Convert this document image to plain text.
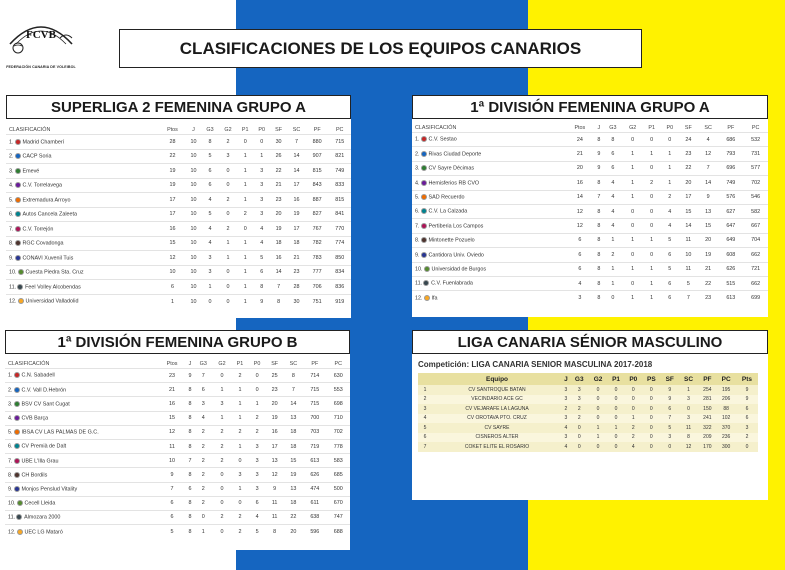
FCVB
FEDERACIÓN CANARIA DE VOLEIBOL
CLASIFICACIONES DE LOS EQUIPOS CANARIOS
SUPERLIGA 2 FEMENINA GRUPO A
CLASIFICACIÓN	Ptos	J	G3	G2	P1	P0	SF	SC	PF	PC
1. Madrid Chamberí	28	10	8	2	0	0	30	7	880	715
2. CACP Soria	22	10	5	3	1	1	26	14	907	821
3. Emevé	19	10	6	0	1	3	22	14	815	749
4. C.V. Torrelavega	19	10	6	0	1	3	21	17	843	833
5. Extremadura Arroyo	17	10	4	2	1	3	23	16	887	815
6. Autos Cancela Zaleeta	17	10	5	0	2	3	20	19	827	841
7. C.V. Torrejón	16	10	4	2	0	4	19	17	767	770
8. RGC Covadonga	15	10	4	1	1	4	18	18	782	774
9. CONAVI Xuvenil Tuis	12	10	3	1	1	5	16	21	783	850
10. Cuesta Piedra Sta. Cruz	10	10	3	0	1	6	14	23	777	834
11. Feel Volley Alcobendas	6	10	1	0	1	8	7	28	706	836
12. Universidad Valladolid	1	10	0	0	1	9	8	30	751	919
1ª DIVISIÓN FEMENINA GRUPO A
CLASIFICACIÓN	Ptos	J	G3	G2	P1	P0	SF	SC	PF	PC
1. C.V. Sestao	24	8	8	0	0	0	24	4	686	532
2. Rivas Ciudad Deporte	21	9	6	1	1	1	23	12	793	731
3. CV Sayre Décimas	20	9	6	1	0	1	22	7	696	577
4. Hemisferios RB CVO	16	8	4	1	2	1	20	14	749	702
5. SAD Recuerdo	14	7	4	1	0	2	17	9	576	546
6. C.V. La Calzada	12	8	4	0	0	4	15	13	627	582
7. Pertiberia Los Campos	12	8	4	0	0	4	14	15	647	667
8. Mintonette Pozuelo	6	8	1	1	1	5	11	20	649	704
9. Cantidora Univ. Oviedo	6	8	2	0	0	6	10	19	608	662
10. Universidad de Burgos	6	8	1	1	1	5	11	21	626	721
11. C.V. Fuenlabrada	4	8	1	0	1	6	5	22	515	662
12. Ifa	3	8	0	1	1	6	7	23	613	699
1ª DIVISIÓN FEMENINA GRUPO B
CLASIFICACIÓN	Ptos	J	G3	G2	P1	P0	SF	SC	PF	PC
1. C.N. Sabadell	23	9	7	0	2	0	25	8	714	630
2. C.V. Vall D.Hebrón	21	8	6	1	1	0	23	7	715	553
3. BSV CV Sant Cugat	16	8	3	3	1	1	20	14	715	698
4. CVB Barça	15	8	4	1	1	2	19	13	700	710
5. IBSA CV LAS PALMAS DE G.C.	12	8	2	2	2	2	16	18	703	702
6. CV Premià de Dalt	11	8	2	2	1	3	17	18	719	778
7. UBE L'Illa Grau	10	7	2	2	0	3	13	15	613	583
8. CH Bordils	9	8	2	0	3	3	12	19	626	685
9. Monjos Penslud Vitality	7	6	2	0	1	3	9	13	474	500
10. Cecell Lleida	6	8	2	0	0	6	11	18	611	670
11. Almozara 2000	6	8	0	2	2	4	11	22	638	747
12. UEC LG Mataró	5	8	1	0	2	5	8	20	596	688
LIGA CANARIA SÉNIOR MASCULINO
Competición: LIGA CANARIA SENIOR MASCULINA 2017-2018
	Equipo	J	G3	G2	P1	P0	PS	SF	SC	PF	PC	Pts
1	CV SANTROQUE BATAN	3	3	0	0	0	0	9	1	254	195	9
2	VECINDARIO ACE GC	3	3	0	0	0	0	9	3	281	206	9
3	CV VEJARAFE LA LAGUNA	2	2	0	0	0	0	6	0	150	88	6
4	CV OROTAVA PTO. CRUZ	3	2	0	0	1	0	7	3	241	102	6
5	CV SAYRE	4	0	1	1	2	0	5	11	322	370	3
6	CISNEROS ALTER	3	0	1	0	2	0	3	8	209	236	2
7	COKET ELITE EL ROSARIO	4	0	0	0	4	0	0	12	170	300	0
